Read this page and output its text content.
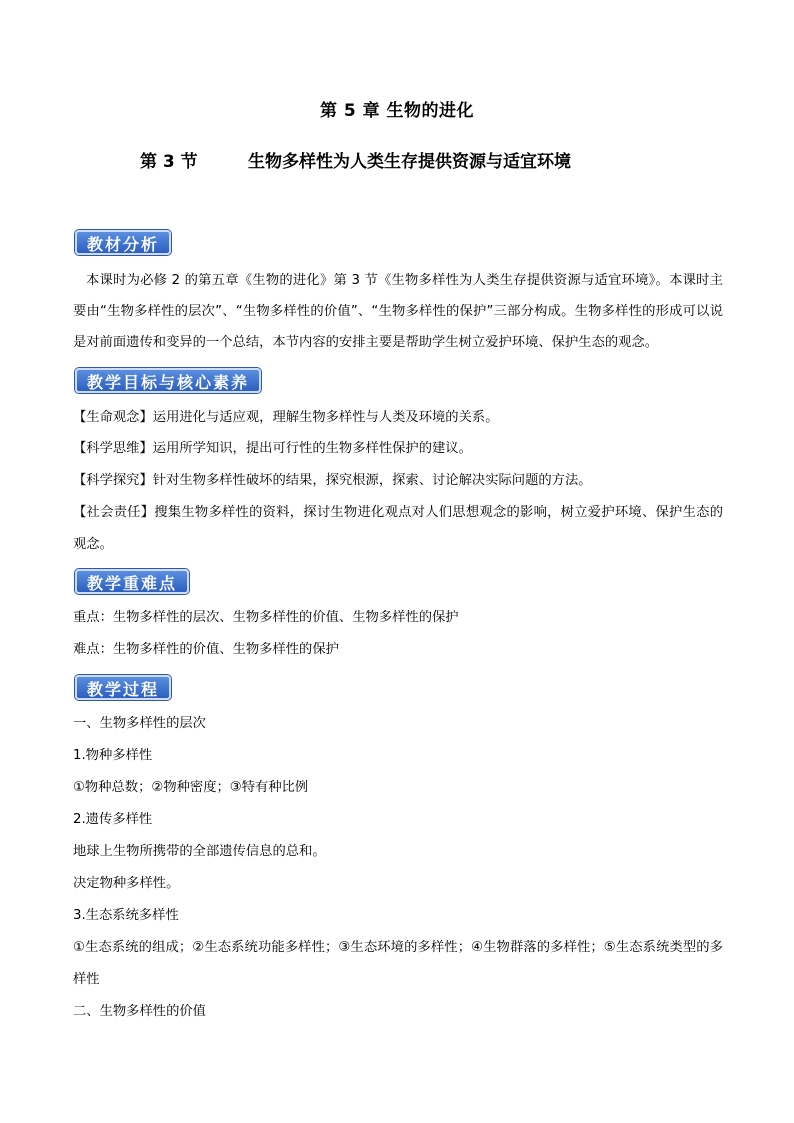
第 5 章 生物的进化
第 3 节	生物多样性为人类生存提供资源与适宜环境
教材分析
本课时为必修 2 的第五章《生物的进化》第 3 节《生物多样性为人类生存提供资源与适宜环境》。本课时主要由“生物多样性的层次”、“生物多样性的价值”、“生物多样性的保护”三部分构成。生物多样性的形成可以说是对前面遗传和变异的一个总结，本节内容的安排主要是帮助学生树立爱护环境、保护生态的观念。
教学目标与核心素养
【生命观念】运用进化与适应观，理解生物多样性与人类及环境的关系。
【科学思维】运用所学知识，提出可行性的生物多样性保护的建议。
【科学探究】针对生物多样性破坏的结果，探究根源，探索、讨论解决实际问题的方法。
【社会责任】搜集生物多样性的资料，探讨生物进化观点对人们思想观念的影响，树立爱护环境、保护生态的观念。
教学重难点
重点：生物多样性的层次、生物多样性的价值、生物多样性的保护
难点：生物多样性的价值、生物多样性的保护
教学过程
一、生物多样性的层次
1.物种多样性
①物种总数；②物种密度；③特有种比例
2.遗传多样性
地球上生物所携带的全部遗传信息的总和。
决定物种多样性。
3.生态系统多样性
①生态系统的组成；②生态系统功能多样性；③生态环境的多样性；④生物群落的多样性；⑤生态系统类型的多样性
二、生物多样性的价值
